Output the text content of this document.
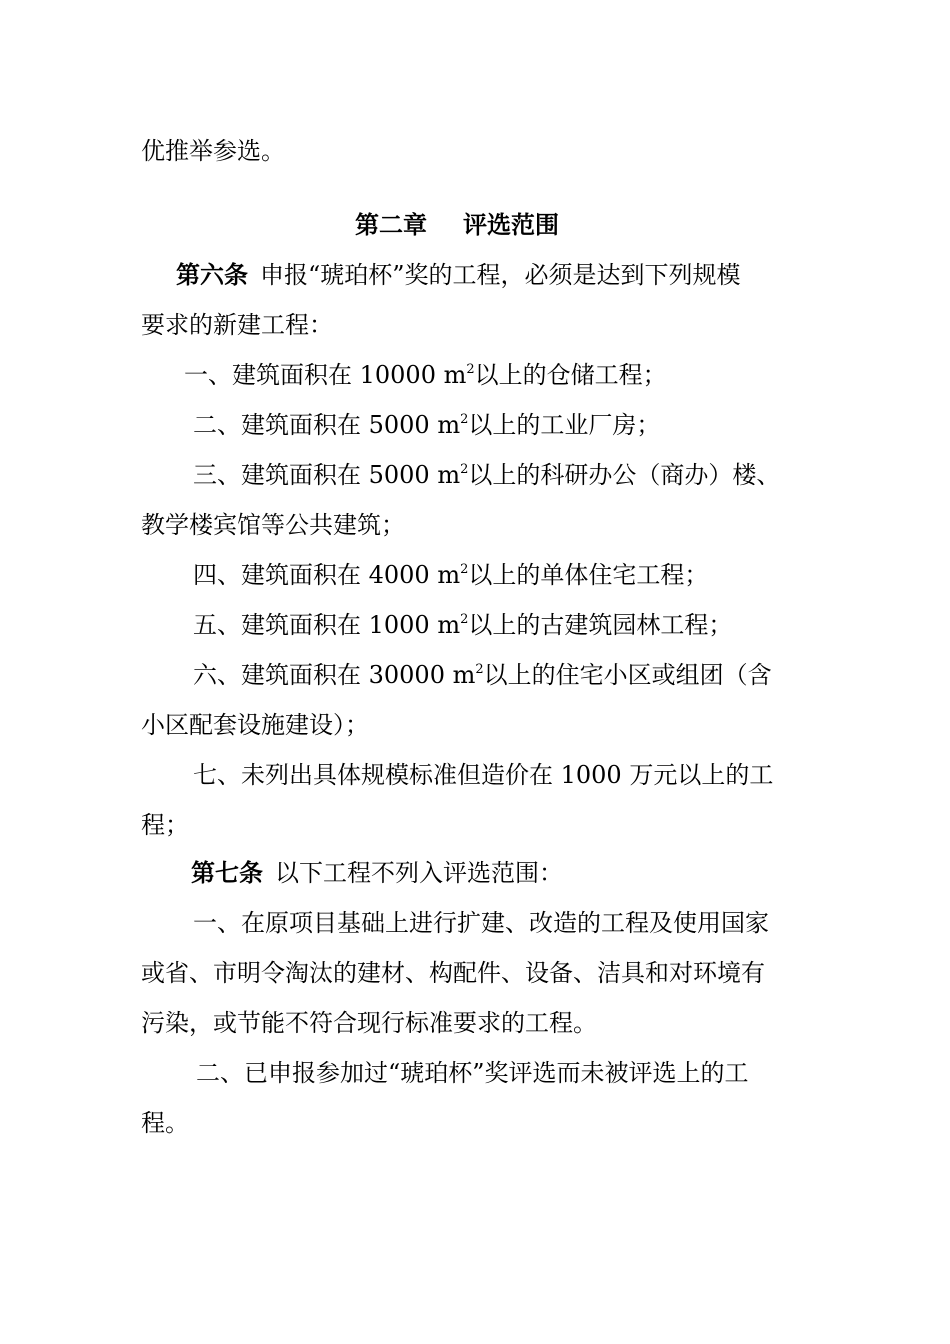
优推举参选。
第二章 评选范围
第六条 申报“琥珀杯”奖的工程，必须是达到下列规模
要求的新建工程：
一、建筑面积在 10000 $m^2$以上的仓储工程；
二、建筑面积在 5000 $m^2$以上的工业厂房；
三、建筑面积在 5000 $m^2$以上的科研办公（商办）楼、
教学楼宾馆等公共建筑；
四、建筑面积在 4000 $m^2$以上的单体住宅工程；
五、建筑面积在 1000 $m^2$以上的古建筑园林工程；
六、建筑面积在 30000 $m^2$以上的住宅小区或组团（含
小区配套设施建设）；
七、未列出具体规模标准但造价在 1000 万元以上的工
程；
第七条 以下工程不列入评选范围：
一、在原项目基础上进行扩建、改造的工程及使用国家
或省、市明令淘汰的建材、构配件、设备、洁具和对环境有
污染，或节能不符合现行标准要求的工程。
二、已申报参加过“琥珀杯”奖评选而未被评选上的工
程。
